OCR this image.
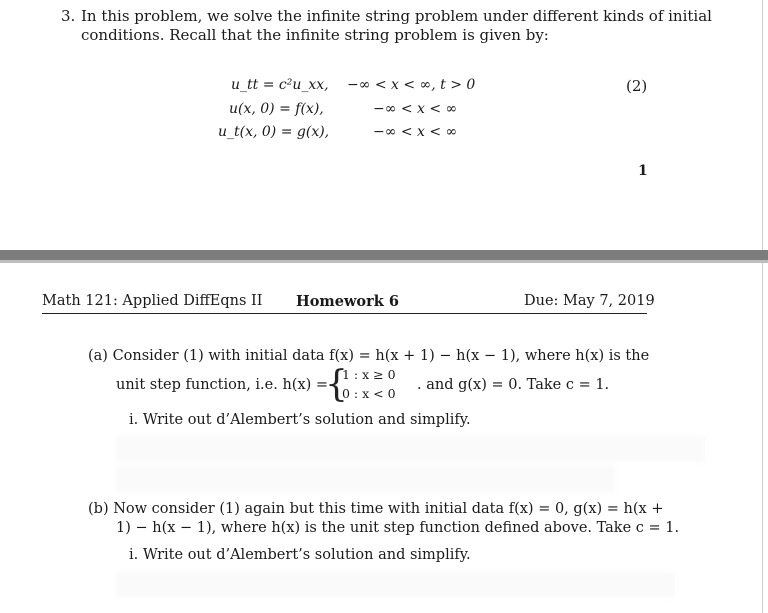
3. In this problem, we solve the infinite string problem under different kinds of initial
conditions. Recall that the infinite string problem is given by:
u_tt = c²u_xx, −∞ < x < ∞, t > 0
u(x, 0) = f(x),	−∞ < x < ∞
u_t(x, 0) = g(x),	−∞ < x < ∞
(2)
1
Math 121: Applied DiffEqns II Homework 6	Due: May 7, 2019
(a) Consider (1) with initial data f(x) = h(x + 1) − h(x − 1), where h(x) is the
unit step function, i.e. h(x) =
{
1 : x ≥ 0
0 : x < 0
. and g(x) = 0. Take c = 1.
i. Write out d’Alembert’s solution and simplify.
(b) Now consider (1) again but this time with initial data f(x) = 0, g(x) = h(x +
1) − h(x − 1), where h(x) is the unit step function defined above. Take c = 1.
i. Write out d’Alembert’s solution and simplify.
